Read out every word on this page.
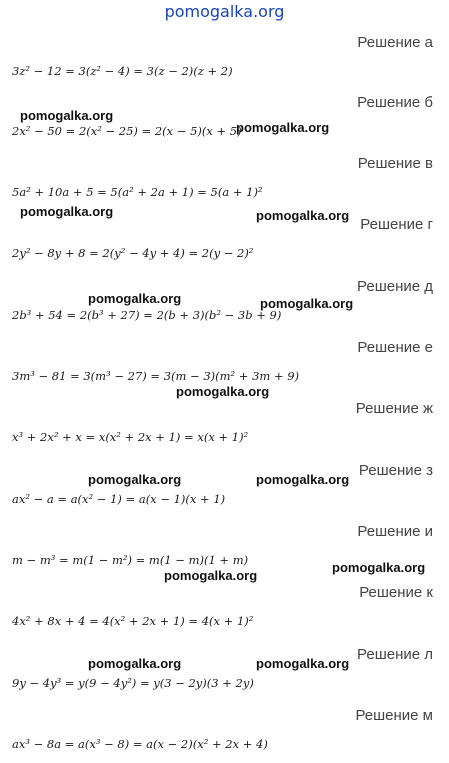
pomogalka.org
Решение а
3z² − 12 = 3(z² − 4) = 3(z − 2)(z + 2)
Решение б
2x² − 50 = 2(x² − 25) = 2(x − 5)(x + 5)
Решение в
5a² + 10a + 5 = 5(a² + 2a + 1) = 5(a + 1)²
Решение г
2y² − 8y + 8 = 2(y² − 4y + 4) = 2(y − 2)²
Решение д
2b³ + 54 = 2(b³ + 27) = 2(b + 3)(b² − 3b + 9)
Решение е
3m³ − 81 = 3(m³ − 27) = 3(m − 3)(m² + 3m + 9)
Решение ж
x³ + 2x² + x = x(x² + 2x + 1) = x(x + 1)²
Решение з
ax² − a = a(x² − 1) = a(x − 1)(x + 1)
Решение и
m − m³ = m(1 − m²) = m(1 − m)(1 + m)
Решение к
4x² + 8x + 4 = 4(x² + 2x + 1) = 4(x + 1)²
Решение л
9y − 4y³ = y(9 − 4y²) = y(3 − 2y)(3 + 2y)
Решение м
ax³ − 8a = a(x³ − 8) = a(x − 2)(x² + 2x + 4)
pomogalka.org
pomogalka.org
pomogalka.org	pomogalka.org
pomogalka.org	pomogalka.org
pomogalka.org
pomogalka.org	pomogalka.org
pomogalka.org
pomogalka.org
pomogalka.org	pomogalka.org
